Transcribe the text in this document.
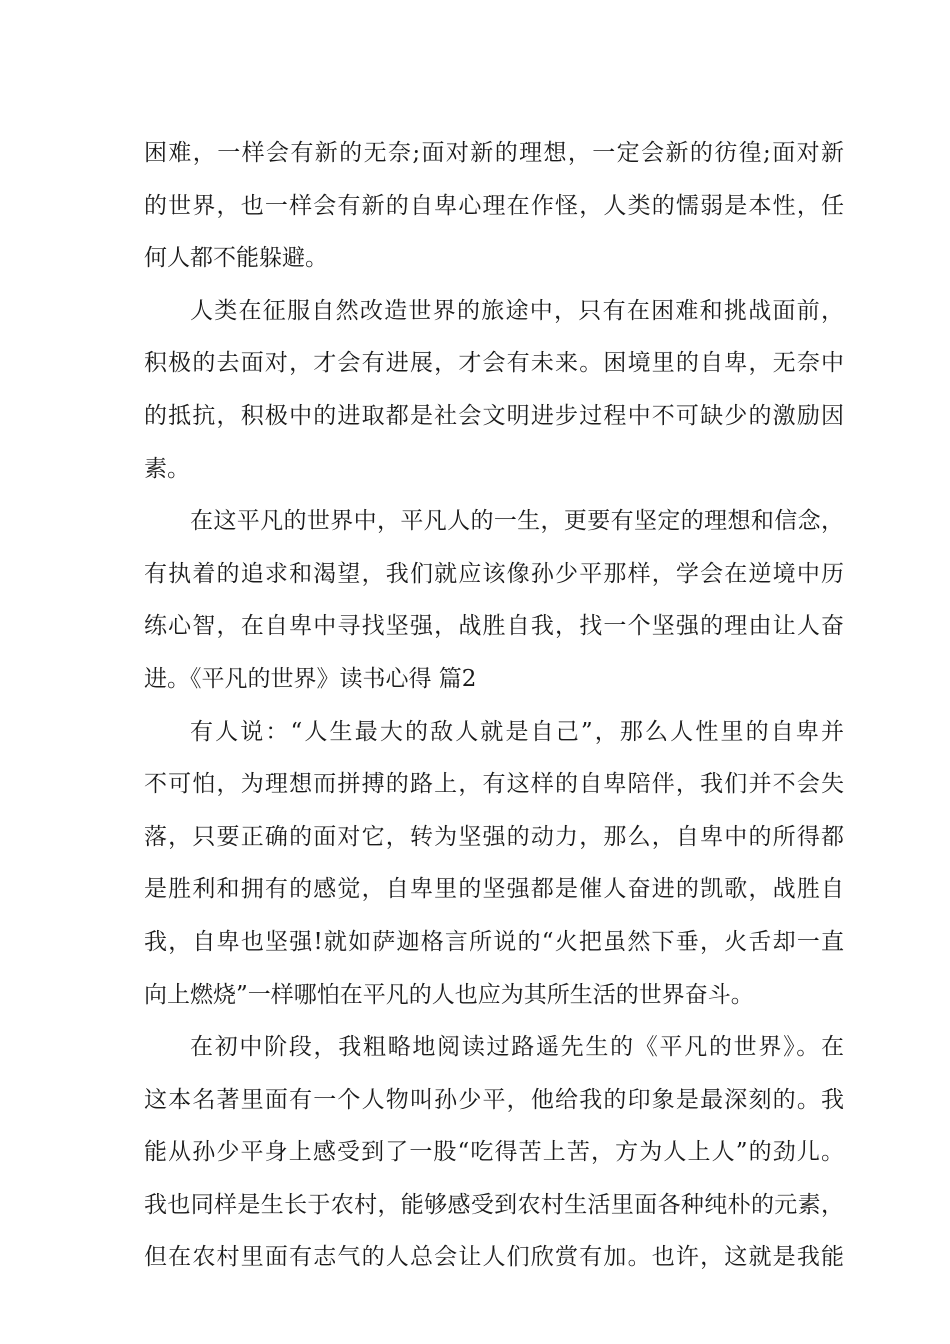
困难，一样会有新的无奈;面对新的理想，一定会新的彷徨;面对新
的世界，也一样会有新的自卑心理在作怪，人类的懦弱是本性，任
何人都不能躲避。
人类在征服自然改造世界的旅途中，只有在困难和挑战面前，
积极的去面对，才会有进展，才会有未来。困境里的自卑，无奈中
的抵抗，积极中的进取都是社会文明进步过程中不可缺少的激励因
素。
在这平凡的世界中，平凡人的一生，更要有坚定的理想和信念，
有执着的追求和渴望，我们就应该像孙少平那样，学会在逆境中历
练心智，在自卑中寻找坚强，战胜自我，找一个坚强的理由让人奋
进。《平凡的世界》读书心得 篇2
有人说：“人生最大的敌人就是自己”，那么人性里的自卑并
不可怕，为理想而拼搏的路上，有这样的自卑陪伴，我们并不会失
落，只要正确的面对它，转为坚强的动力，那么，自卑中的所得都
是胜利和拥有的感觉，自卑里的坚强都是催人奋进的凯歌，战胜自
我，自卑也坚强!就如萨迦格言所说的“火把虽然下垂，火舌却一直
向上燃烧”一样哪怕在平凡的人也应为其所生活的世界奋斗。
在初中阶段，我粗略地阅读过路遥先生的《平凡的世界》。在
这本名著里面有一个人物叫孙少平，他给我的印象是最深刻的。我
能从孙少平身上感受到了一股“吃得苦上苦，方为人上人”的劲儿。
我也同样是生长于农村，能够感受到农村生活里面各种纯朴的元素，
但在农村里面有志气的人总会让人们欣赏有加。也许，这就是我能
